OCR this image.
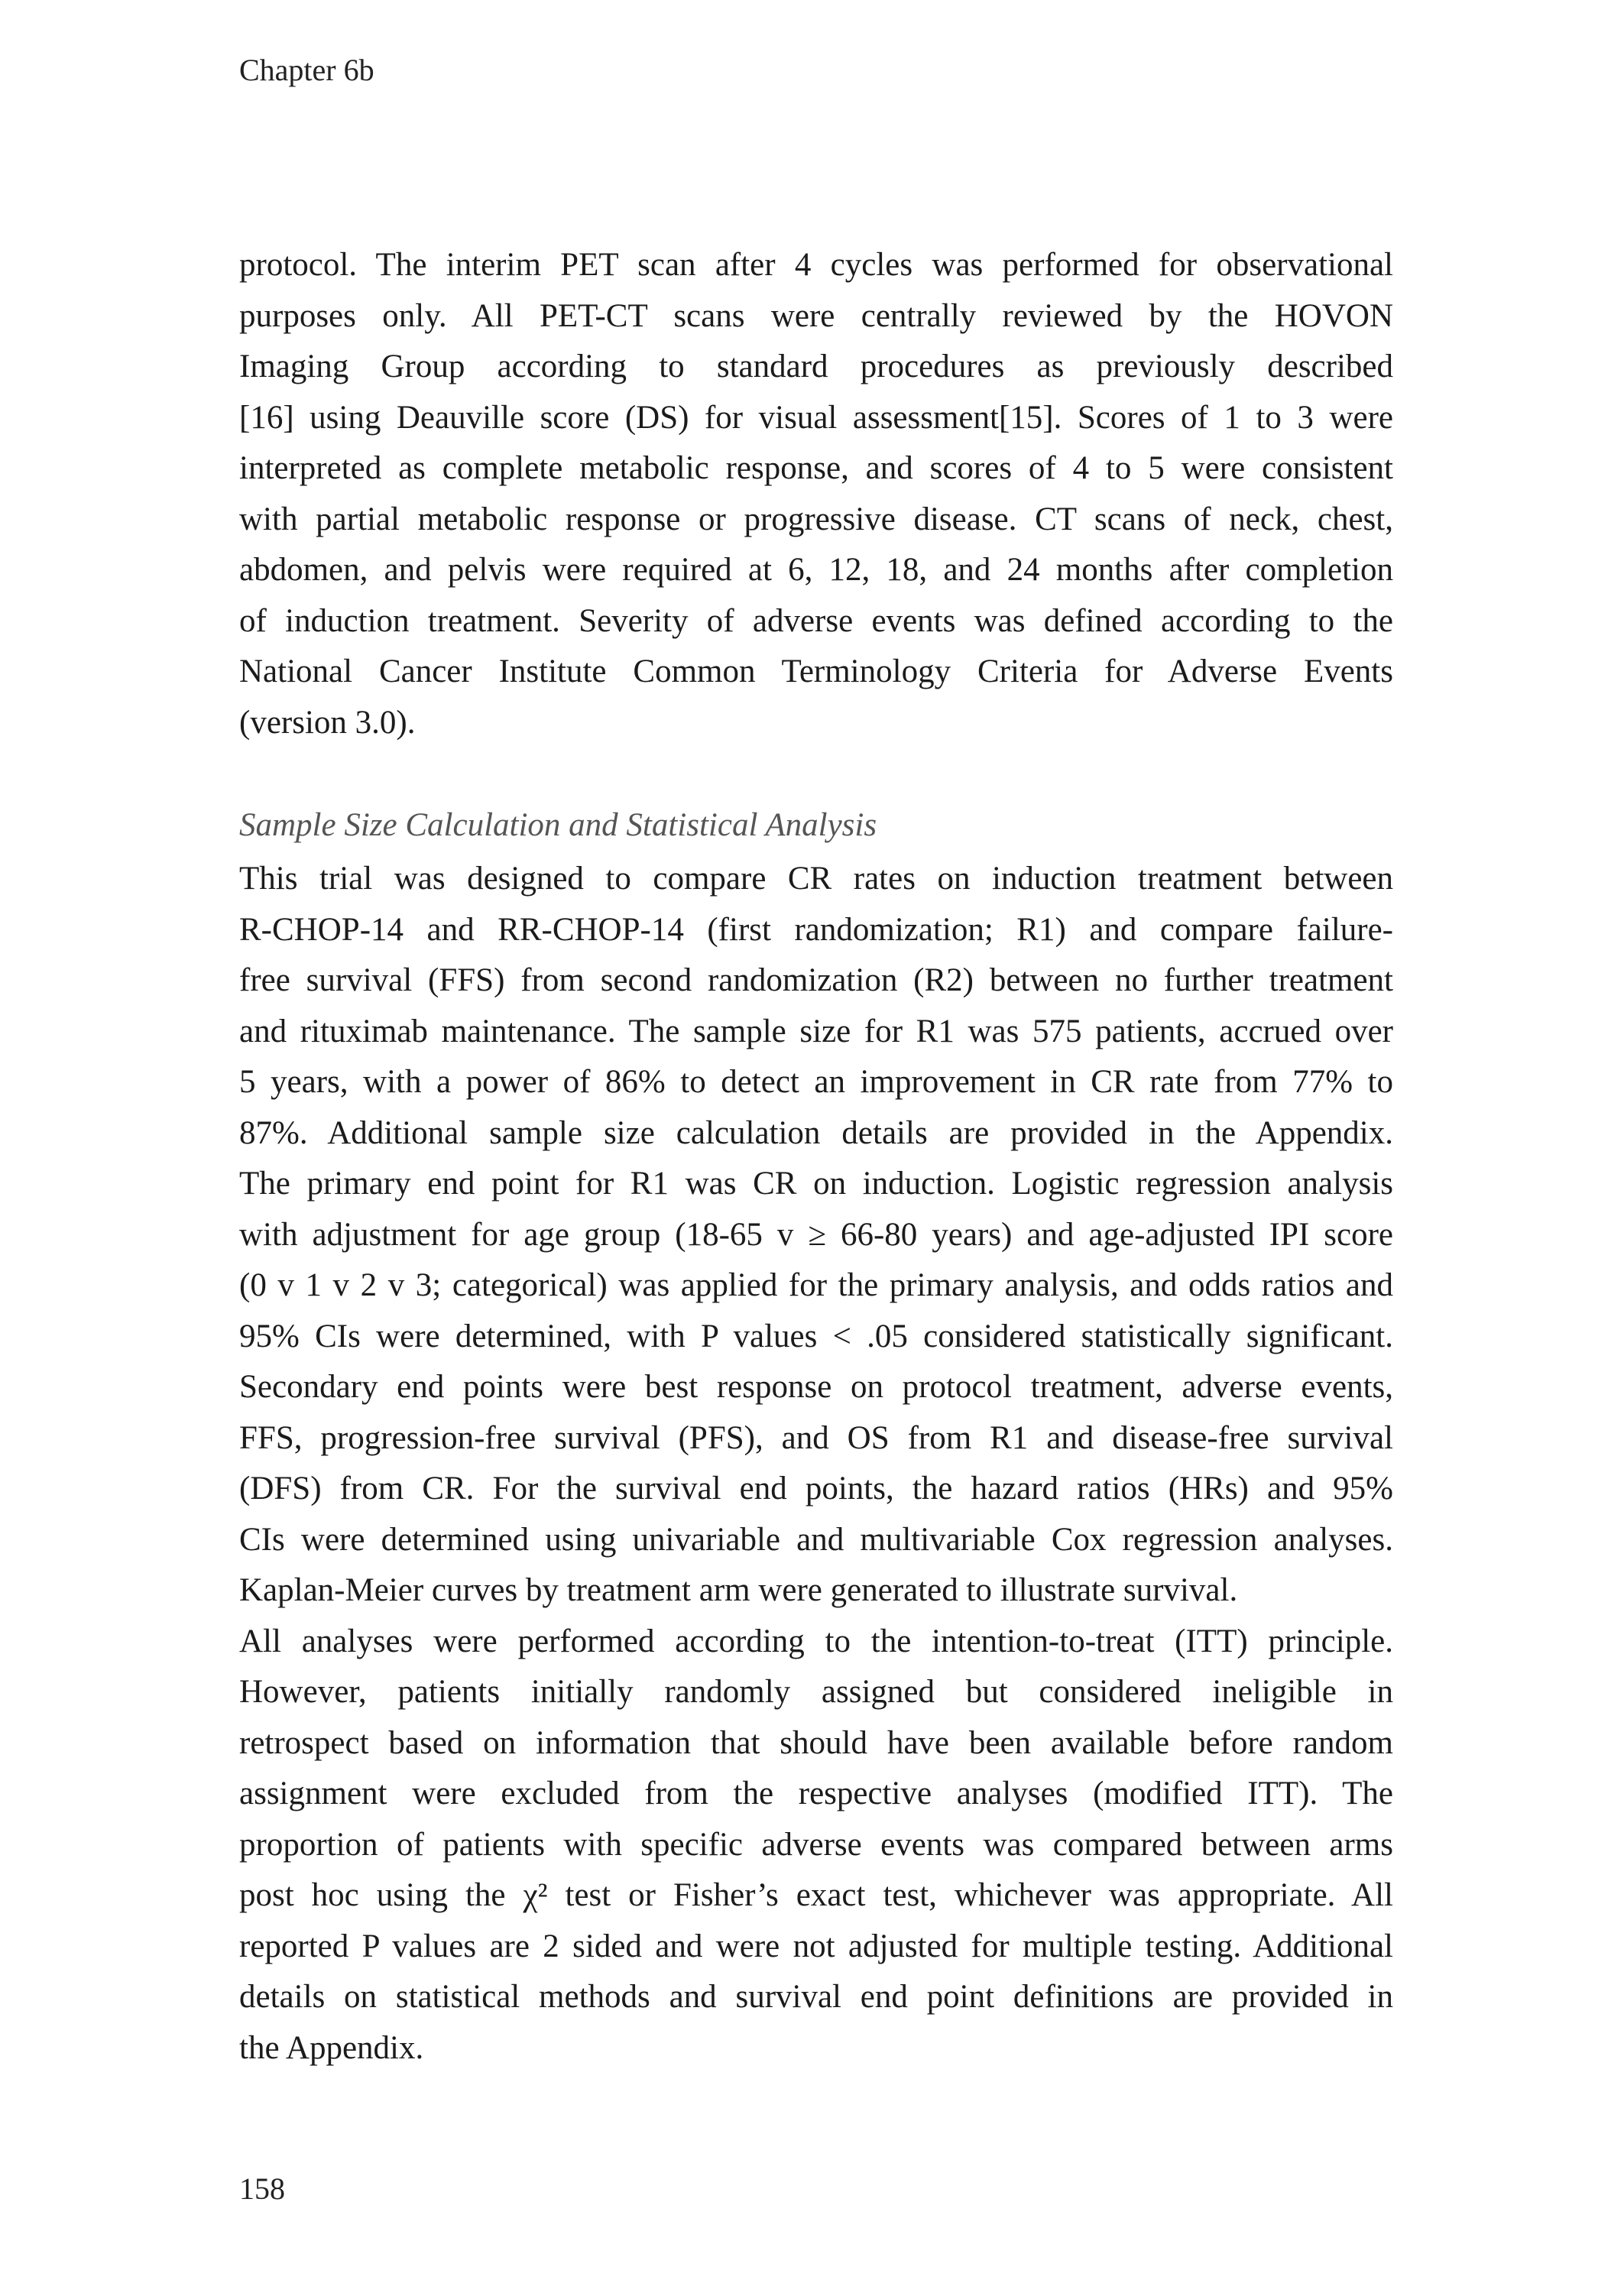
Chapter 6b
protocol. The interim PET scan after 4 cycles was performed for observational
purposes only. All PET-CT scans were centrally reviewed by the HOVON
Imaging Group according to standard procedures as previously described
[16] using Deauville score (DS) for visual assessment[15]. Scores of 1 to 3 were
interpreted as complete metabolic response, and scores of 4 to 5 were consistent
with partial metabolic response or progressive disease. CT scans of neck, chest,
abdomen, and pelvis were required at 6, 12, 18, and 24 months after completion
of induction treatment. Severity of adverse events was defined according to the
National Cancer Institute Common Terminology Criteria for Adverse Events
(version 3.0).
Sample Size Calculation and Statistical Analysis
This trial was designed to compare CR rates on induction treatment between
R-CHOP-14 and RR-CHOP-14 (first randomization; R1) and compare failure-
free survival (FFS) from second randomization (R2) between no further treatment
and rituximab maintenance. The sample size for R1 was 575 patients, accrued over
5 years, with a power of 86% to detect an improvement in CR rate from 77% to
87%. Additional sample size calculation details are provided in the Appendix.
The primary end point for R1 was CR on induction. Logistic regression analysis
with adjustment for age group (18-65 v ≥ 66-80 years) and age-adjusted IPI score
(0 v 1 v 2 v 3; categorical) was applied for the primary analysis, and odds ratios and
95% CIs were determined, with P values < .05 considered statistically significant.
Secondary end points were best response on protocol treatment, adverse events,
FFS, progression-free survival (PFS), and OS from R1 and disease-free survival
(DFS) from CR. For the survival end points, the hazard ratios (HRs) and 95%
CIs were determined using univariable and multivariable Cox regression analyses.
Kaplan-Meier curves by treatment arm were generated to illustrate survival.
All analyses were performed according to the intention-to-treat (ITT) principle.
However, patients initially randomly assigned but considered ineligible in
retrospect based on information that should have been available before random
assignment were excluded from the respective analyses (modified ITT). The
proportion of patients with specific adverse events was compared between arms
post hoc using the χ² test or Fisher’s exact test, whichever was appropriate. All
reported P values are 2 sided and were not adjusted for multiple testing. Additional
details on statistical methods and survival end point definitions are provided in
the Appendix.
158
